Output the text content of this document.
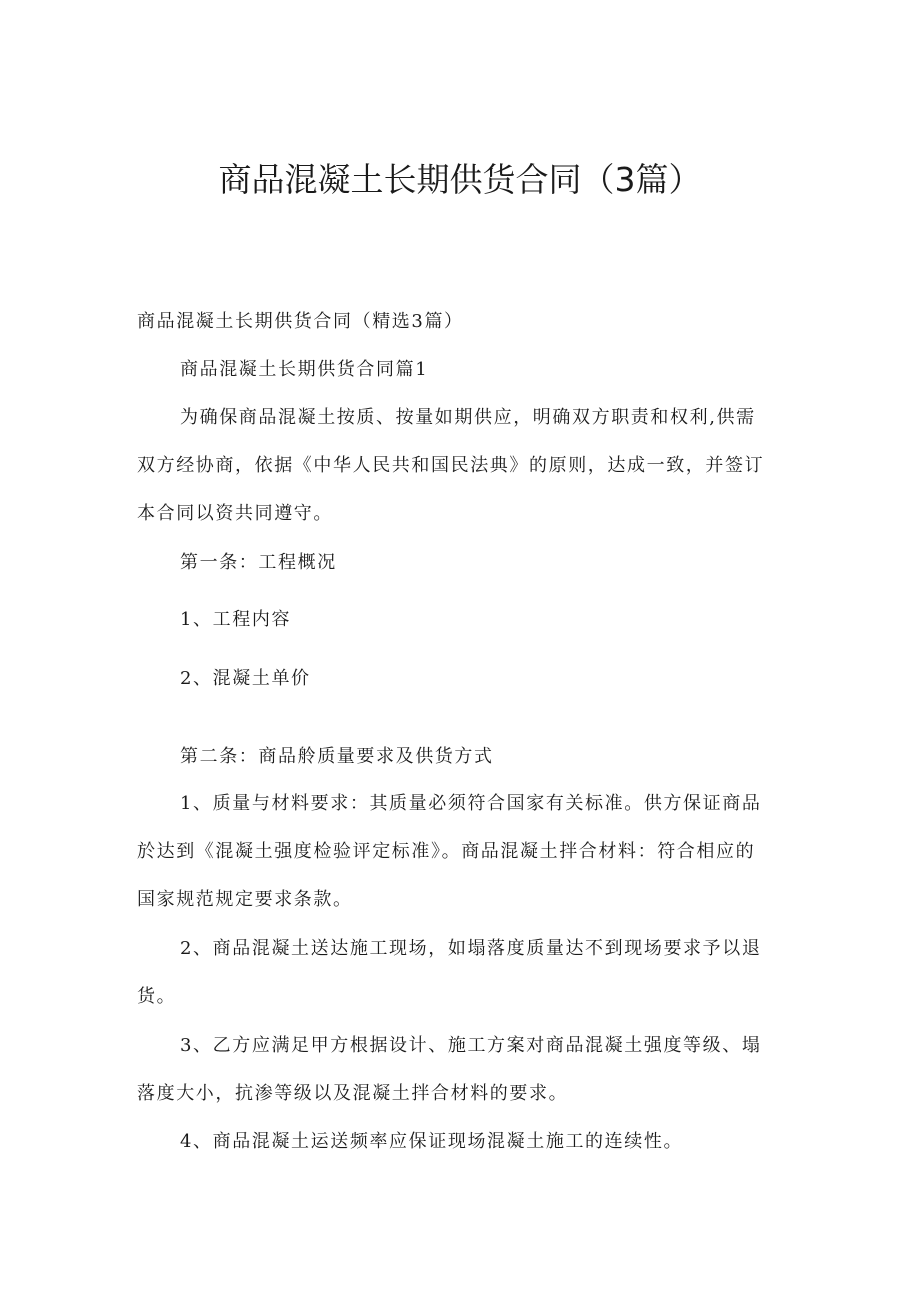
商品混凝土长期供货合同（3篇）

商品混凝土长期供货合同（精选3篇）

商品混凝土长期供货合同篇1

为确保商品混凝土按质、按量如期供应，明确双方职责和权利,供需双方经协商，依据《中华人民共和国民法典》的原则，达成一致，并签订本合同以资共同遵守。

第一条：工程概况

1、工程内容

2、混凝土单价

第二条：商品舲质量要求及供货方式

1、质量与材料要求：其质量必须符合国家有关标准。供方保证商品於达到《混凝土强度检验评定标准》。商品混凝土拌合材料：符合相应的国家规范规定要求条款。

2、商品混凝土送达施工现场，如塌落度质量达不到现场要求予以退货。

3、乙方应满足甲方根据设计、施工方案对商品混凝土强度等级、塌落度大小，抗渗等级以及混凝土拌合材料的要求。

4、商品混凝土运送频率应保证现场混凝土施工的连续性。
